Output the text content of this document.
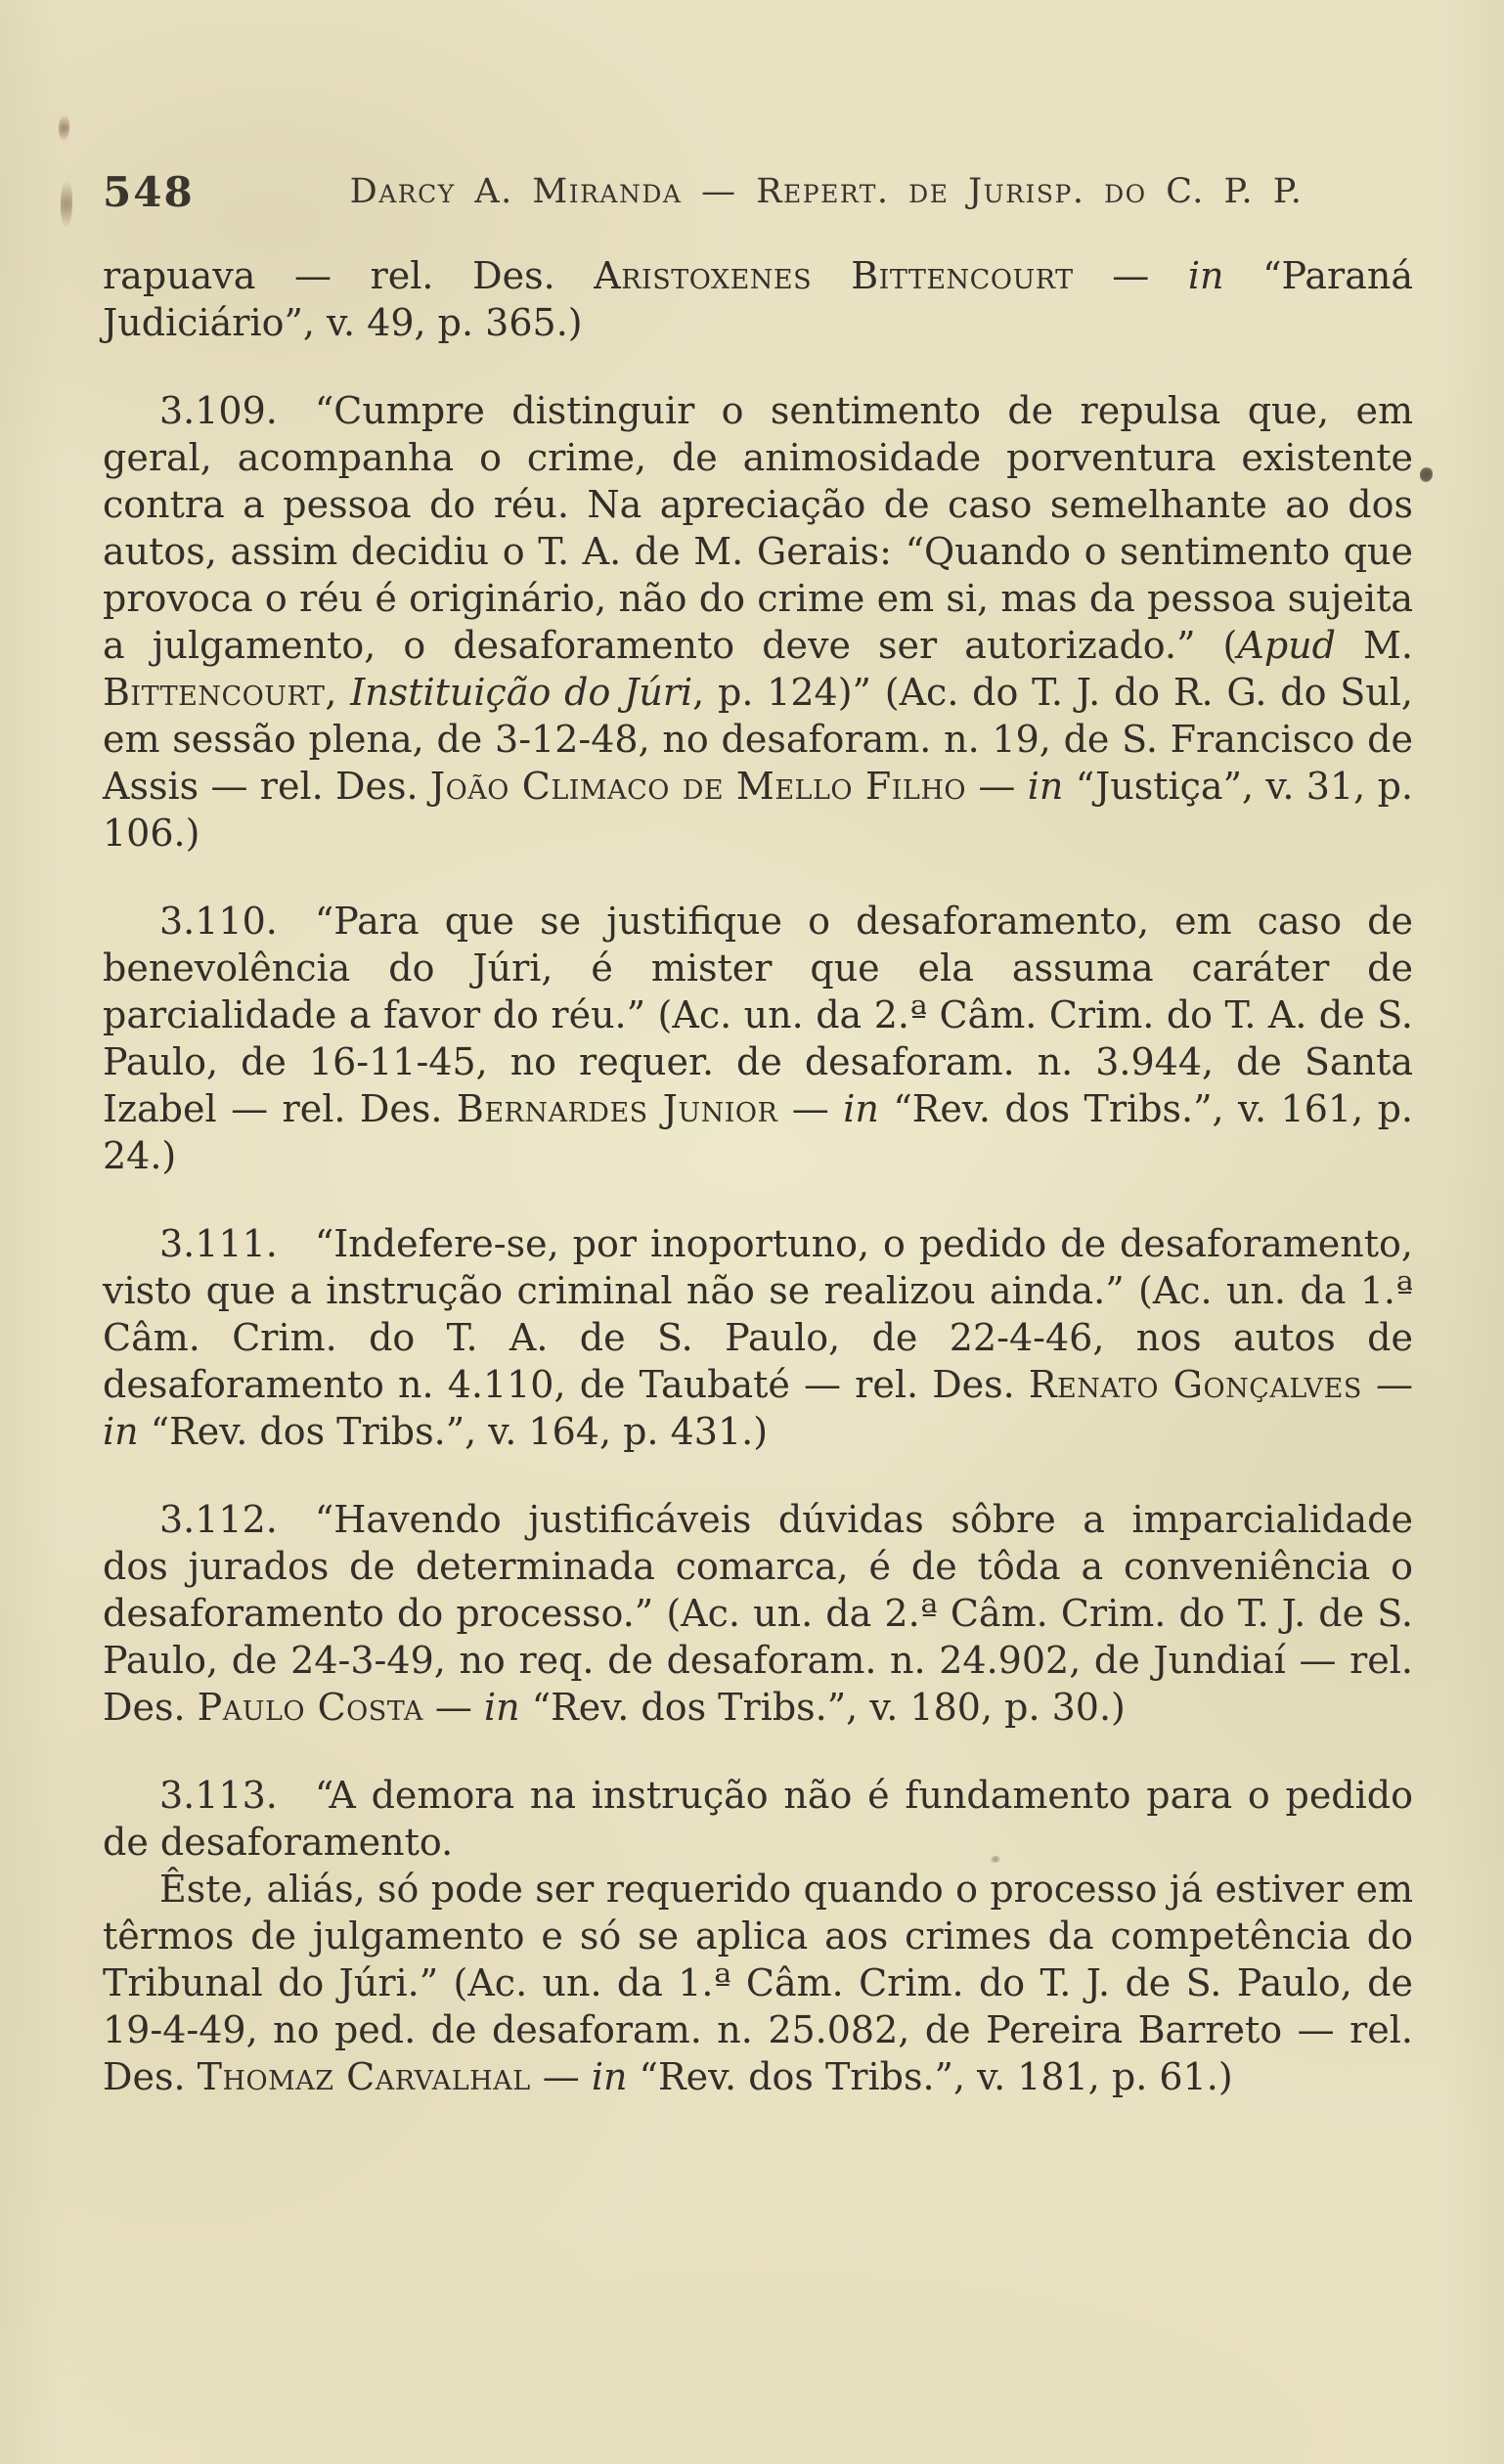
548	Darcy A. Miranda — Repert. de Jurisp. do C. P. P.

rapuava — rel. Des. Aristoxenes Bittencourt — in “Paraná Judiciário”, v. 49, p. 365.)

3.109.  “Cumpre distinguir o sentimento de repulsa que, em geral, acompanha o crime, de animosidade porventura existente contra a pessoa do réu. Na apreciação de caso semelhante ao dos autos, assim decidiu o T. A. de M. Gerais: “Quando o sentimento que provoca o réu é originário, não do crime em si, mas da pessoa sujeita a julgamento, o desaforamento deve ser autorizado.” (Apud M. Bittencourt, Instituição do Júri, p. 124)” (Ac. do T. J. do R. G. do Sul, em sessão plena, de 3-12-48, no desaforam. n. 19, de S. Francisco de Assis — rel. Des. João Climaco de Mello Filho — in “Justiça”, v. 31, p. 106.)

3.110.  “Para que se justifique o desaforamento, em caso de benevolência do Júri, é mister que ela assuma caráter de parcialidade a favor do réu.” (Ac. un. da 2.ª Câm. Crim. do T. A. de S. Paulo, de 16-11-45, no requer. de desaforam. n. 3.944, de Santa Izabel — rel. Des. Bernardes Junior — in “Rev. dos Tribs.”, v. 161, p. 24.)

3.111.  “Indefere-se, por inoportuno, o pedido de desaforamento, visto que a instrução criminal não se realizou ainda.” (Ac. un. da 1.ª Câm. Crim. do T. A. de S. Paulo, de 22-4-46, nos autos de desaforamento n. 4.110, de Taubaté — rel. Des. Renato Gonçalves — in “Rev. dos Tribs.”, v. 164, p. 431.)

3.112.  “Havendo justificáveis dúvidas sôbre a imparcialidade dos jurados de determinada comarca, é de tôda a conveniência o desaforamento do processo.” (Ac. un. da 2.ª Câm. Crim. do T. J. de S. Paulo, de 24-3-49, no req. de desaforam. n. 24.902, de Jundiaí — rel. Des. Paulo Costa — in “Rev. dos Tribs.”, v. 180, p. 30.)

3.113.  “A demora na instrução não é fundamento para o pedido de desaforamento.

Êste, aliás, só pode ser requerido quando o processo já estiver em têrmos de julgamento e só se aplica aos crimes da competência do Tribunal do Júri.” (Ac. un. da 1.ª Câm. Crim. do T. J. de S. Paulo, de 19-4-49, no ped. de desaforam. n. 25.082, de Pereira Barreto — rel. Des. Thomaz Carvalhal — in “Rev. dos Tribs.”, v. 181, p. 61.)
